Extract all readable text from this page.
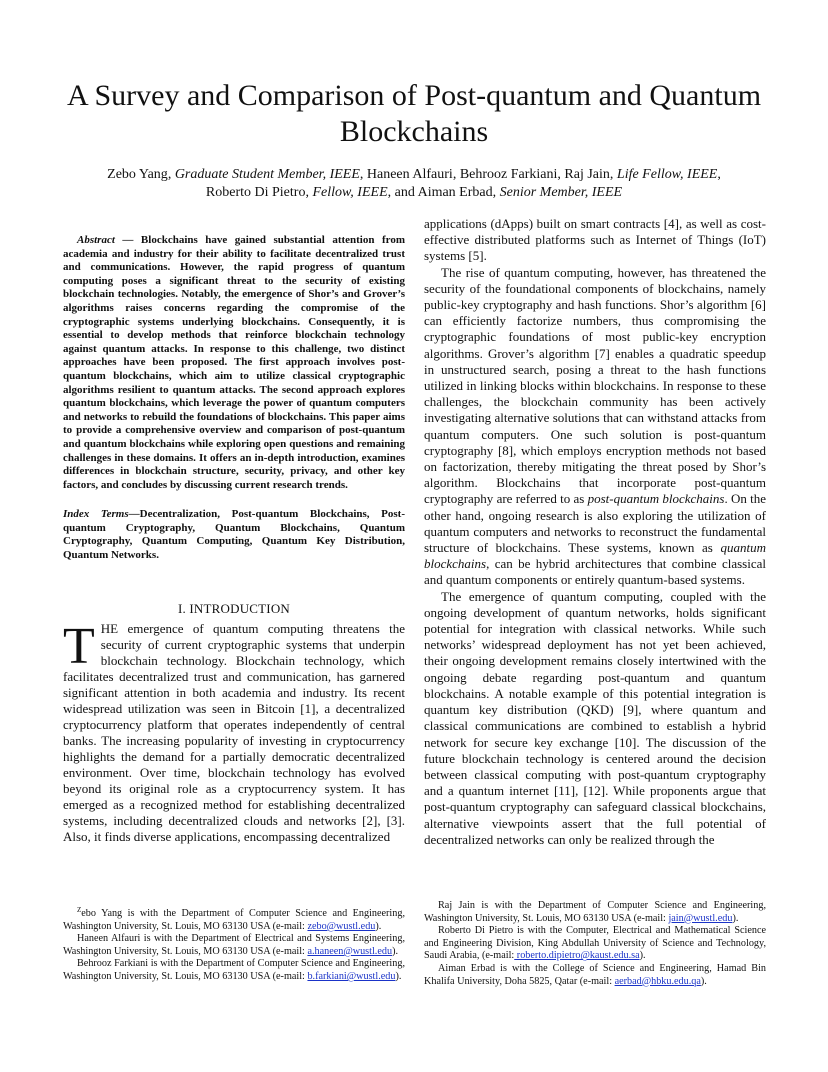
A Survey and Comparison of Post-quantum and Quantum Blockchains

Zebo Yang, Graduate Student Member, IEEE, Haneen Alfauri, Behrooz Farkiani, Raj Jain, Life Fellow, IEEE,
Roberto Di Pietro, Fellow, IEEE, and Aiman Erbad, Senior Member, IEEE

Abstract — Blockchains have gained substantial attention from academia and industry for their ability to facilitate decentralized trust and communications. However, the rapid progress of quantum computing poses a significant threat to the security of existing blockchain technologies. Notably, the emergence of Shor’s and Grover’s algorithms raises concerns regarding the compromise of the cryptographic systems underlying blockchains. Consequently, it is essential to develop methods that reinforce blockchain technology against quantum attacks. In response to this challenge, two distinct approaches have been proposed. The first approach involves post-quantum blockchains, which aim to utilize classical cryptographic algorithms resilient to quantum attacks. The second approach explores quantum blockchains, which leverage the power of quantum computers and networks to rebuild the foundations of blockchains. This paper aims to provide a comprehensive overview and comparison of post-quantum and quantum blockchains while exploring open questions and remaining challenges in these domains. It offers an in-depth introduction, examines differences in blockchain structure, security, privacy, and other key factors, and concludes by discussing current research trends.

Index Terms—Decentralization, Post-quantum Blockchains, Post-quantum Cryptography, Quantum Blockchains, Quantum Cryptography, Quantum Computing, Quantum Key Distribution, Quantum Networks.

I. INTRODUCTION

THE emergence of quantum computing threatens the security of current cryptographic systems that underpin blockchain technology. Blockchain technology, which facilitates decentralized trust and communication, has garnered significant attention in both academia and industry. Its recent widespread utilization was seen in Bitcoin [1], a decentralized cryptocurrency platform that operates independently of central banks. The increasing popularity of investing in cryptocurrency highlights the demand for a partially democratic decentralized environment. Over time, blockchain technology has evolved beyond its original role as a cryptocurrency system. It has emerged as a recognized method for establishing decentralized systems, including decentralized clouds and networks [2], [3]. Also, it finds diverse applications, encompassing decentralized

applications (dApps) built on smart contracts [4], as well as cost-effective distributed platforms such as Internet of Things (IoT) systems [5].

The rise of quantum computing, however, has threatened the security of the foundational components of blockchains, namely public-key cryptography and hash functions. Shor’s algorithm [6] can efficiently factorize numbers, thus compromising the cryptographic foundations of most public-key encryption algorithms. Grover’s algorithm [7] enables a quadratic speedup in unstructured search, posing a threat to the hash functions utilized in linking blocks within blockchains. In response to these challenges, the blockchain community has been actively investigating alternative solutions that can withstand attacks from quantum computers. One such solution is post-quantum cryptography [8], which employs encryption methods not based on factorization, thereby mitigating the threat posed by Shor’s algorithm. Blockchains that incorporate post-quantum cryptography are referred to as post-quantum blockchains. On the other hand, ongoing research is also exploring the utilization of quantum computers and networks to reconstruct the fundamental structure of blockchains. These systems, known as quantum blockchains, can be hybrid architectures that combine classical and quantum components or entirely quantum-based systems.

The emergence of quantum computing, coupled with the ongoing development of quantum networks, holds significant potential for integration with classical networks. While such networks’ widespread deployment has not yet been achieved, their ongoing development remains closely intertwined with the ongoing debate regarding post-quantum and quantum blockchains. A notable example of this potential integration is quantum key distribution (QKD) [9], where quantum and classical communications are combined to establish a hybrid network for secure key exchange [10]. The discussion of the future blockchain technology is centered around the decision between classical computing with post-quantum cryptography and a quantum internet [11], [12]. While proponents argue that post-quantum cryptography can safeguard classical blockchains, alternative viewpoints assert that the full potential of decentralized networks can only be realized through the

$^Z$ebo Yang is with the Department of Computer Science and Engineering, Washington University, St. Louis, MO 63130 USA (e-mail: zebo@wustl.edu).

Haneen Alfauri is with the Department of Electrical and Systems Engineering, Washington University, St. Louis, MO 63130 USA (e-mail: a.haneen@wustl.edu).

Behrooz Farkiani is with the Department of Computer Science and Engineering, Washington University, St. Louis, MO 63130 USA (e-mail: b.farkiani@wustl.edu).

Raj Jain is with the Department of Computer Science and Engineering, Washington University, St. Louis, MO 63130 USA (e-mail: jain@wustl.edu).

Roberto Di Pietro is with the Computer, Electrical and Mathematical Science and Engineering Division, King Abdullah University of Science and Technology, Saudi Arabia, (e-mail: roberto.dipietro@kaust.edu.sa).

Aiman Erbad is with the College of Science and Engineering, Hamad Bin Khalifa University, Doha 5825, Qatar (e-mail: aerbad@hbku.edu.qa).
